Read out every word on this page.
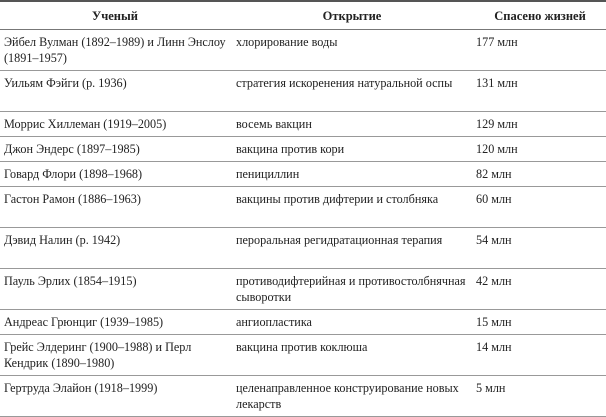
Ученый	Открытие	Спасено жизней
Эйбел Вулман (1892–1989) и Линн Энслоу (1891–1957)	хлорирование воды	177 млн
Уильям Фэйги (р. 1936)	стратегия искоренения натуральной оспы	131 млн
Моррис Хиллеман (1919–2005)	восемь вакцин	129 млн
Джон Эндерс (1897–1985)	вакцина против кори	120 млн
Говард Флори (1898–1968)	пенициллин	82 млн
Гастон Рамон (1886–1963)	вакцины против дифтерии и столбняка	60 млн
Дэвид Налин (р. 1942)	пероральная регидратационная терапия	54 млн
Пауль Эрлих (1854–1915)	противодифтерийная и противостолбнячная сыворотки	42 млн
Андреас Грюнциг (1939–1985)	ангиопластика	15 млн
Грейс Элдеринг (1900–1988) и Перл Кендрик (1890–1980)	вакцина против коклюша	14 млн
Гертруда Элайон (1918–1999)	целенаправленное конструирование новых лекарств	5 млн
